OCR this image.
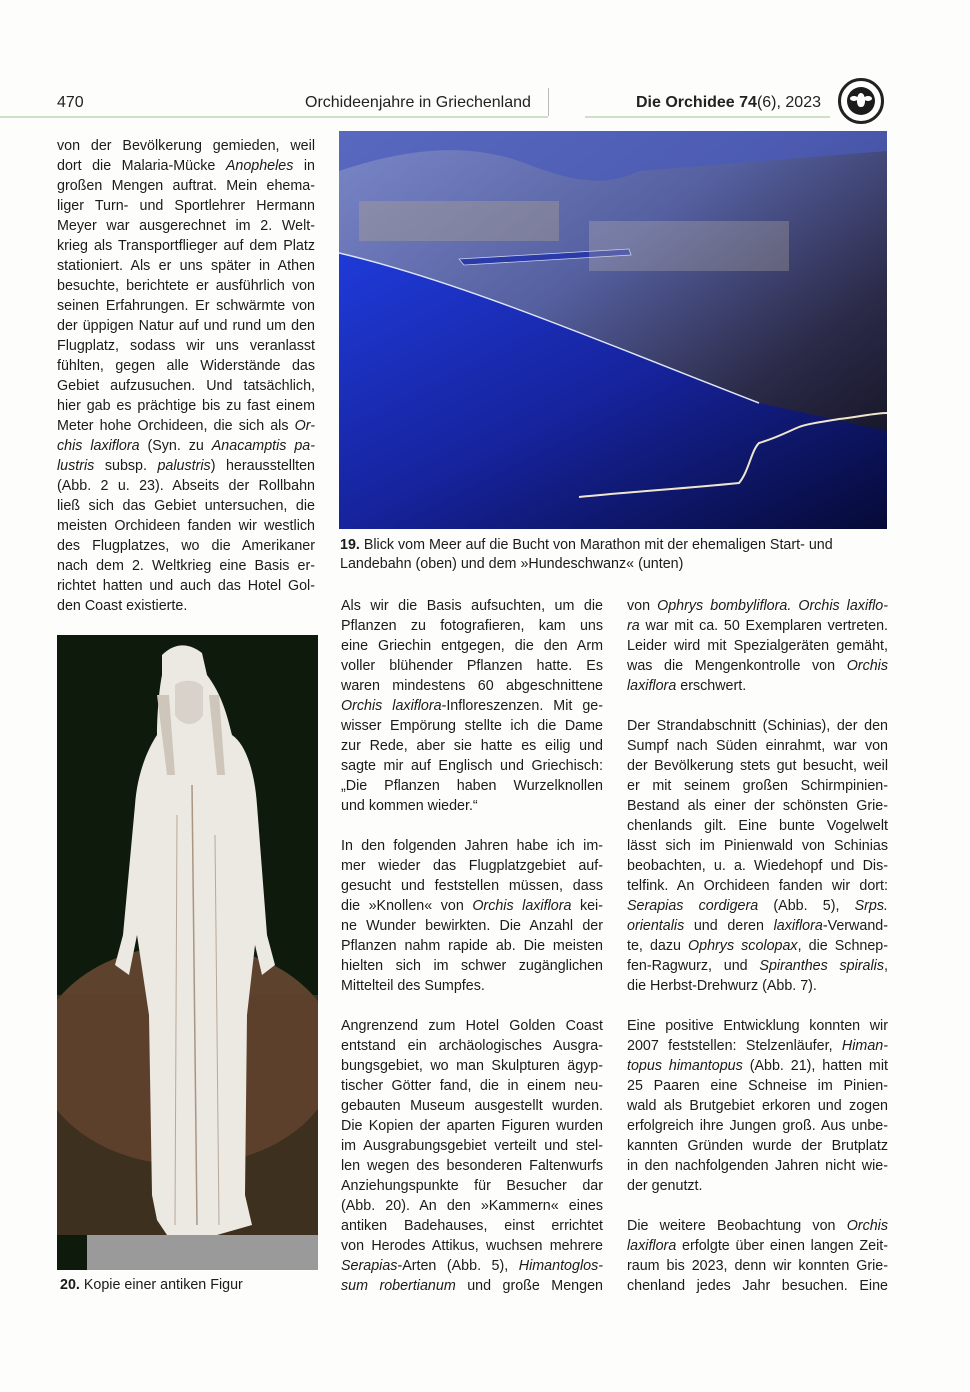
470	Orchideenjahre in Griechenland	Die Orchidee 74(6), 2023
19. Blick vom Meer auf die Bucht von Marathon mit der ehemaligen Start- und
Landebahn (oben) und dem »Hundeschwanz« (unten)
20. Kopie einer antiken Figur
von der Bevölkerung gemieden, weil
dort die Malaria-Mücke Anopheles in
großen Mengen auftrat. Mein ehema-
liger Turn- und Sportlehrer Hermann
Meyer war ausgerechnet im 2. Welt-
krieg als Transportflieger auf dem Platz
stationiert. Als er uns später in Athen
besuchte, berichtete er ausführlich von
seinen Erfahrungen. Er schwärmte von
der üppigen Natur auf und rund um den
Flugplatz, sodass wir uns veranlasst
fühlten, gegen alle Widerstände das
Gebiet aufzusuchen. Und tatsächlich,
hier gab es prächtige bis zu fast einem
Meter hohe Orchideen, die sich als Or-
chis laxiflora (Syn. zu Anacamptis pa-
lustris subsp. palustris) herausstellten
(Abb. 2 u. 23). Abseits der Rollbahn
ließ sich das Gebiet untersuchen, die
meisten Orchideen fanden wir westlich
des Flugplatzes, wo die Amerikaner
nach dem 2. Weltkrieg eine Basis er-
richtet hatten und auch das Hotel Gol-
den Coast existierte.	Als wir die Basis aufsuchten, um die
Pflanzen zu fotografieren, kam uns
eine Griechin entgegen, die den Arm
voller blühender Pflanzen hatte. Es
waren mindestens 60 abgeschnittene
Orchis laxiflora-Infloreszenzen. Mit ge-
wisser Empörung stellte ich die Dame
zur Rede, aber sie hatte es eilig und
sagte mir auf Englisch und Griechisch:
„Die Pflanzen haben Wurzelknollen
und kommen wieder.“
In den folgenden Jahren habe ich im-
mer wieder das Flugplatzgebiet auf-
gesucht und feststellen müssen, dass
die »Knollen« von Orchis laxiflora kei-
ne Wunder bewirkten. Die Anzahl der
Pflanzen nahm rapide ab. Die meisten
hielten sich im schwer zugänglichen
Mittelteil des Sumpfes.
Angrenzend zum Hotel Golden Coast
entstand ein archäologisches Ausgra-
bungsgebiet, wo man Skulpturen ägyp-
tischer Götter fand, die in einem neu-
gebauten Museum ausgestellt wurden.
Die Kopien der aparten Figuren wurden
im Ausgrabungsgebiet verteilt und stel-
len wegen des besonderen Faltenwurfs
Anziehungspunkte für Besucher dar
(Abb. 20). An den »Kammern« eines
antiken Badehauses, einst errichtet
von Herodes Attikus, wuchsen mehrere
Serapias-Arten (Abb. 5), Himantoglos-
sum robertianum und große Mengen
von Ophrys bombyliflora. Orchis laxiflo-
ra war mit ca. 50 Exemplaren vertreten.
Leider wird mit Spezialgeräten gemäht,
was die Mengenkontrolle von Orchis
laxiflora erschwert.
Der Strandabschnitt (Schinias), der den
Sumpf nach Süden einrahmt, war von
der Bevölkerung stets gut besucht, weil
er mit seinem großen Schirmpinien-
Bestand als einer der schönsten Grie-
chenlands gilt. Eine bunte Vogelwelt
lässt sich im Pinienwald von Schinias
beobachten, u. a. Wiedehopf und Dis-
telfink. An Orchideen fanden wir dort:
Serapias cordigera (Abb. 5), Srps.
orientalis und deren laxiflora-Verwand-
te, dazu Ophrys scolopax, die Schnep-
fen-Ragwurz, und Spiranthes spiralis,
die Herbst-Drehwurz (Abb. 7).
Eine positive Entwicklung konnten wir
2007 feststellen: Stelzenläufer, Himan-
topus himantopus (Abb. 21), hatten mit
25 Paaren eine Schneise im Pinien-
wald als Brutgebiet erkoren und zogen
erfolgreich ihre Jungen groß. Aus unbe-
kannten Gründen wurde der Brutplatz
in den nachfolgenden Jahren nicht wie-
der genutzt.
Die weitere Beobachtung von Orchis
laxiflora erfolgte über einen langen Zeit-
raum bis 2023, denn wir konnten Grie-
chenland jedes Jahr besuchen. Eine
